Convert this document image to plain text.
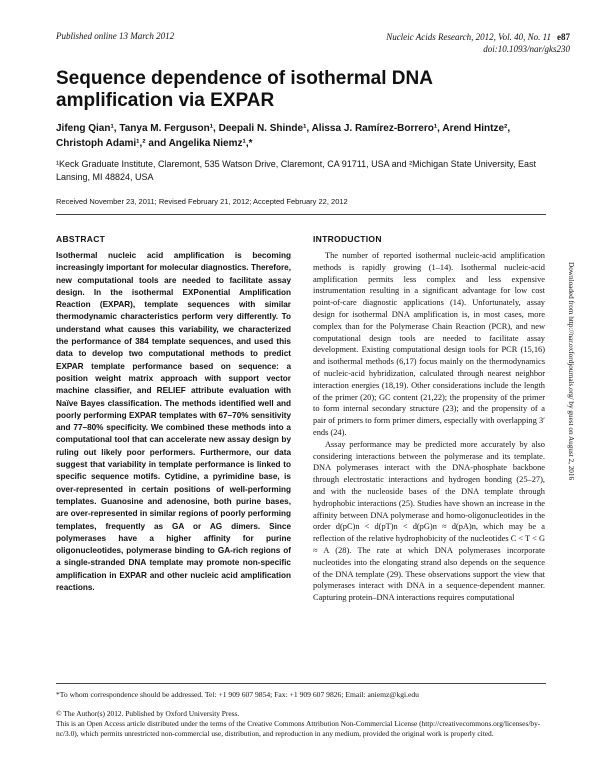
Published online 13 March 2012	Nucleic Acids Research, 2012, Vol. 40, No. 11 e87
doi:10.1093/nar/gks230
Sequence dependence of isothermal DNA amplification via EXPAR
Jifeng Qian¹, Tanya M. Ferguson¹, Deepali N. Shinde¹, Alissa J. Ramírez-Borrero¹, Arend Hintze², Christoph Adami¹,² and Angelika Niemz¹,*
¹Keck Graduate Institute, Claremont, 535 Watson Drive, Claremont, CA 91711, USA and ²Michigan State University, East Lansing, MI 48824, USA
Received November 23, 2011; Revised February 21, 2012; Accepted February 22, 2012
ABSTRACT

Isothermal nucleic acid amplification is becoming increasingly important for molecular diagnostics. Therefore, new computational tools are needed to facilitate assay design. In the isothermal EXPonential Amplification Reaction (EXPAR), template sequences with similar thermodynamic characteristics perform very differently. To understand what causes this variability, we characterized the performance of 384 template sequences, and used this data to develop two computational methods to predict EXPAR template performance based on sequence: a position weight matrix approach with support vector machine classifier, and RELIEF attribute evaluation with Naïve Bayes classification. The methods identified well and poorly performing EXPAR templates with 67–70% sensitivity and 77–80% specificity. We combined these methods into a computational tool that can accelerate new assay design by ruling out likely poor performers. Furthermore, our data suggest that variability in template performance is linked to specific sequence motifs. Cytidine, a pyrimidine base, is over-represented in certain positions of well-performing templates. Guanosine and adenosine, both purine bases, are over-represented in similar regions of poorly performing templates, frequently as GA or AG dimers. Since polymerases have a higher affinity for purine oligonucleotides, polymerase binding to GA-rich regions of a single-stranded DNA template may promote non-specific amplification in EXPAR and other nucleic acid amplification reactions.

INTRODUCTION

The number of reported isothermal nucleic-acid amplification methods is rapidly growing (1–14). Isothermal nucleic-acid amplification permits less complex and less expensive instrumentation resulting in a significant advantage for low cost point-of-care diagnostic applications (14). Unfortunately, assay design for isothermal DNA amplification is, in most cases, more complex than for the Polymerase Chain Reaction (PCR), and new computational design tools are needed to facilitate assay development. Existing computational design tools for PCR (15,16) and isothermal methods (6,17) focus mainly on the thermodynamics of nucleic-acid hybridization, calculated through nearest neighbor interaction energies (18,19). Other considerations include the length of the primer (20); GC content (21,22); the propensity of the primer to form internal secondary structure (23); and the propensity of a pair of primers to form primer dimers, especially with overlapping 3′ ends (24).

Assay performance may be predicted more accurately by also considering interactions between the polymerase and its template. DNA polymerases interact with the DNA-phosphate backbone through electrostatic interactions and hydrogen bonding (25–27), and with the nucleoside bases of the DNA template through hydrophobic interactions (25). Studies have shown an increase in the affinity between DNA polymerase and homo-oligonucleotides in the order d(pC)n < d(pT)n < d(pG)n ≈ d(pA)n, which may be a reflection of the relative hydrophobicity of the nucleotides C < T < G ≈ A (28). The rate at which DNA polymerases incorporate nucleotides into the elongating strand also depends on the sequence of the DNA template (29). These observations support the view that polymerases interact with DNA in a sequence-dependent manner. Capturing protein–DNA interactions requires computational

Downloaded from http://nar.oxfordjournals.org/ by guest on August 2, 2016
*To whom correspondence should be addressed. Tel: +1 909 607 9854; Fax: +1 909 607 9826; Email: aniemz@kgi.edu
© The Author(s) 2012. Published by Oxford University Press.
This is an Open Access article distributed under the terms of the Creative Commons Attribution Non-Commercial License (http://creativecommons.org/licenses/by-nc/3.0), which permits unrestricted non-commercial use, distribution, and reproduction in any medium, provided the original work is properly cited.
